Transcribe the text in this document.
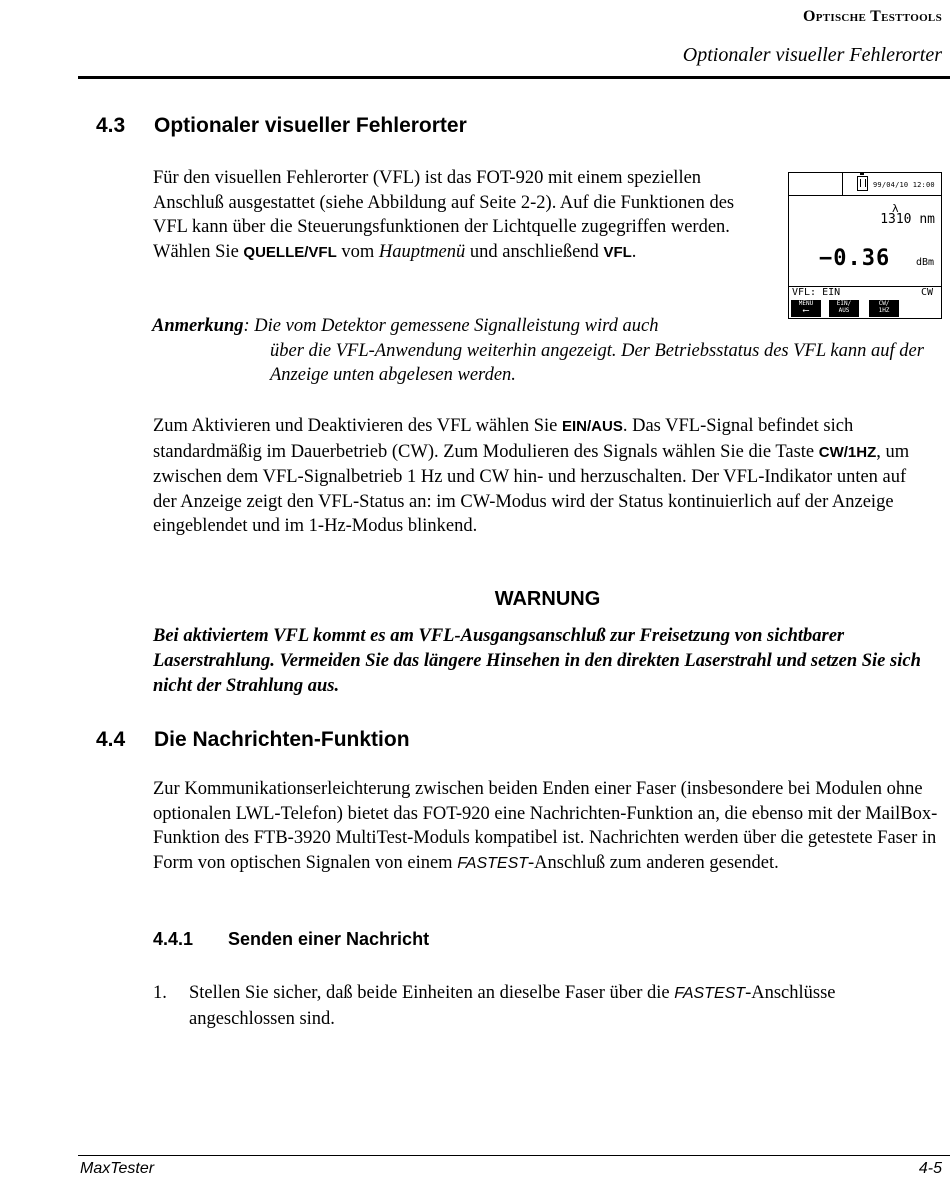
Optische Testtools
Optionaler visueller Fehlerorter
4.3 Optionaler visueller Fehlerorter

Für den visuellen Fehlerorter (VFL) ist das FOT-920 mit einem speziellen Anschluß ausgestattet (siehe Abbildung auf Seite 2-2). Auf die Funktionen des VFL kann über die Steuerungsfunktionen der Lichtquelle zugegriffen werden. Wählen Sie QUELLE/VFL vom Hauptmenü und anschließend VFL.

99/04/10 12:00
λ
1310 nm
−0.36	dBm
VFL: EIN	CW
MENU
⟵
EIN/
AUS
CW/
1HZ
Anmerkung: Die vom Detektor gemessene Signalleistung wird auch
über die VFL-Anwendung weiterhin angezeigt. Der Betriebsstatus des VFL kann auf der Anzeige unten abgelesen werden.

Zum Aktivieren und Deaktivieren des VFL wählen Sie EIN/AUS. Das VFL-Signal befindet sich standardmäßig im Dauerbetrieb (CW). Zum Modulieren des Signals wählen Sie die Taste CW/1HZ, um zwischen dem VFL-Signalbetrieb 1 Hz und CW hin- und herzuschalten. Der VFL-Indikator unten auf der Anzeige zeigt den VFL-Status an: im CW-Modus wird der Status kontinuierlich auf der Anzeige eingeblendet und im 1-Hz-Modus blinkend.

WARNUNG
Bei aktiviertem VFL kommt es am VFL-Ausgangsanschluß zur Freisetzung von sichtbarer Laserstrahlung. Vermeiden Sie das längere Hinsehen in den direkten Laserstrahl und setzen Sie sich nicht der Strahlung aus.
4.4 Die Nachrichten-Funktion

Zur Kommunikationserleichterung zwischen beiden Enden einer Faser (insbesondere bei Modulen ohne optionalen LWL-Telefon) bietet das FOT-920 eine Nachrichten-Funktion an, die ebenso mit der MailBox-Funktion des FTB-3920 MultiTest-Moduls kompatibel ist. Nachrichten werden über die getestete Faser in Form von optischen Signalen von einem FASTEST-Anschluß zum anderen gesendet.

4.4.1 Senden einer Nachricht
1.	Stellen Sie sicher, daß beide Einheiten an dieselbe Faser über die FASTEST-Anschlüsse angeschlossen sind.
MaxTester	4-5
